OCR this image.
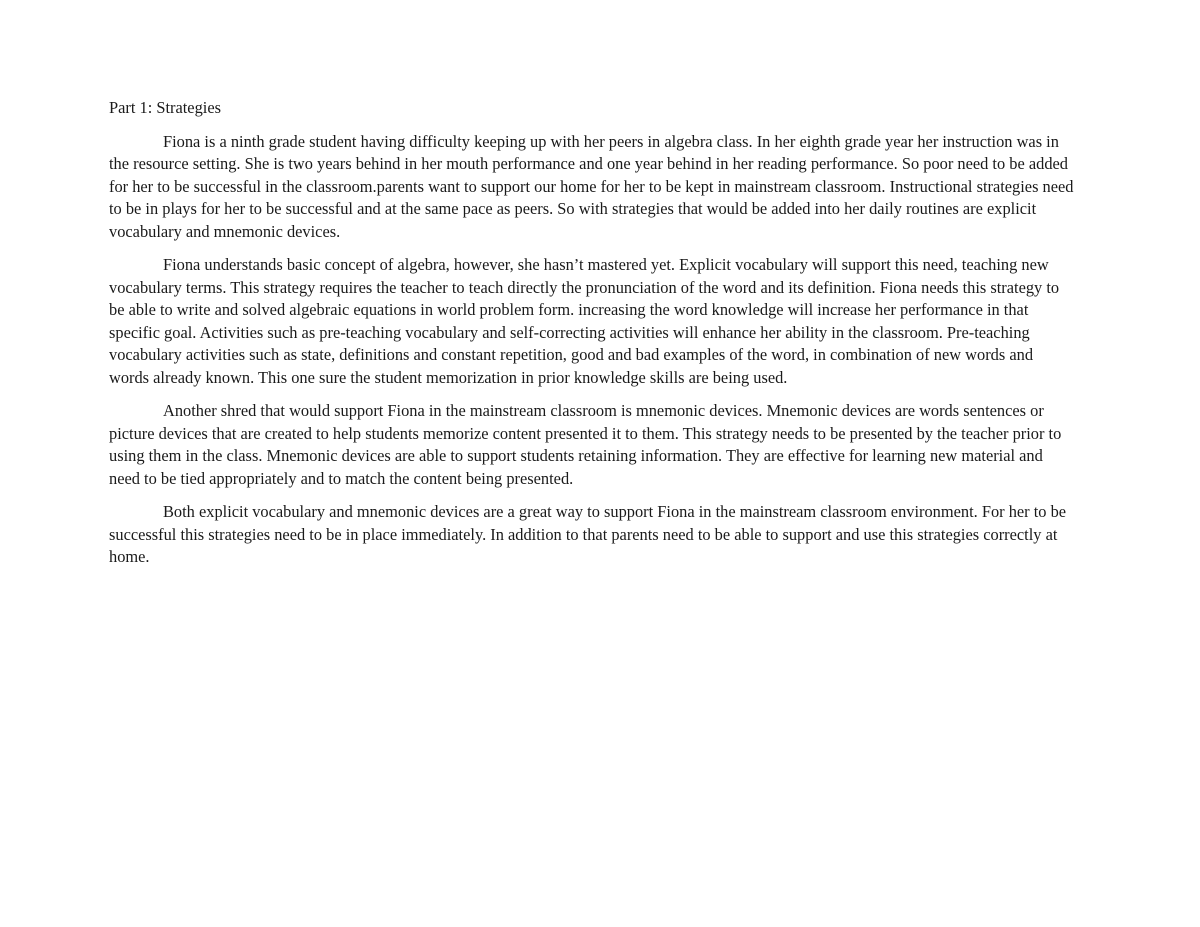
Part 1: Strategies

Fiona is a ninth grade student having difficulty keeping up with her peers in algebra class. In her eighth grade year her instruction was in the resource setting. She is two years behind in her mouth performance and one year behind in her reading performance. So poor need to be added for her to be successful in the classroom.parents want to support our home for her to be kept in mainstream classroom. Instructional strategies need to be in plays for her to be successful and at the same pace as peers. So with strategies that would be added into her daily routines are explicit vocabulary and mnemonic devices.

Fiona understands basic concept of algebra, however, she hasn’t mastered yet. Explicit vocabulary will support this need, teaching new vocabulary terms. This strategy requires the teacher to teach directly the pronunciation of the word and its definition. Fiona needs this strategy to be able to write and solved algebraic equations in world problem form. increasing the word knowledge will increase her performance in that specific goal. Activities such as pre-teaching vocabulary and self-correcting activities will enhance her ability in the classroom. Pre-teaching vocabulary activities such as state, definitions and constant repetition, good and bad examples of the word, in combination of new words and words already known. This one sure the student memorization in prior knowledge skills are being used.

Another shred that would support Fiona in the mainstream classroom is mnemonic devices. Mnemonic devices are words sentences or picture devices that are created to help students memorize content presented it to them. This strategy needs to be presented by the teacher prior to using them in the class. Mnemonic devices are able to support students retaining information. They are effective for learning new material and need to be tied appropriately and to match the content being presented.

Both explicit vocabulary and mnemonic devices are a great way to support Fiona in the mainstream classroom environment. For her to be successful this strategies need to be in place immediately. In addition to that parents need to be able to support and use this strategies correctly at home.
